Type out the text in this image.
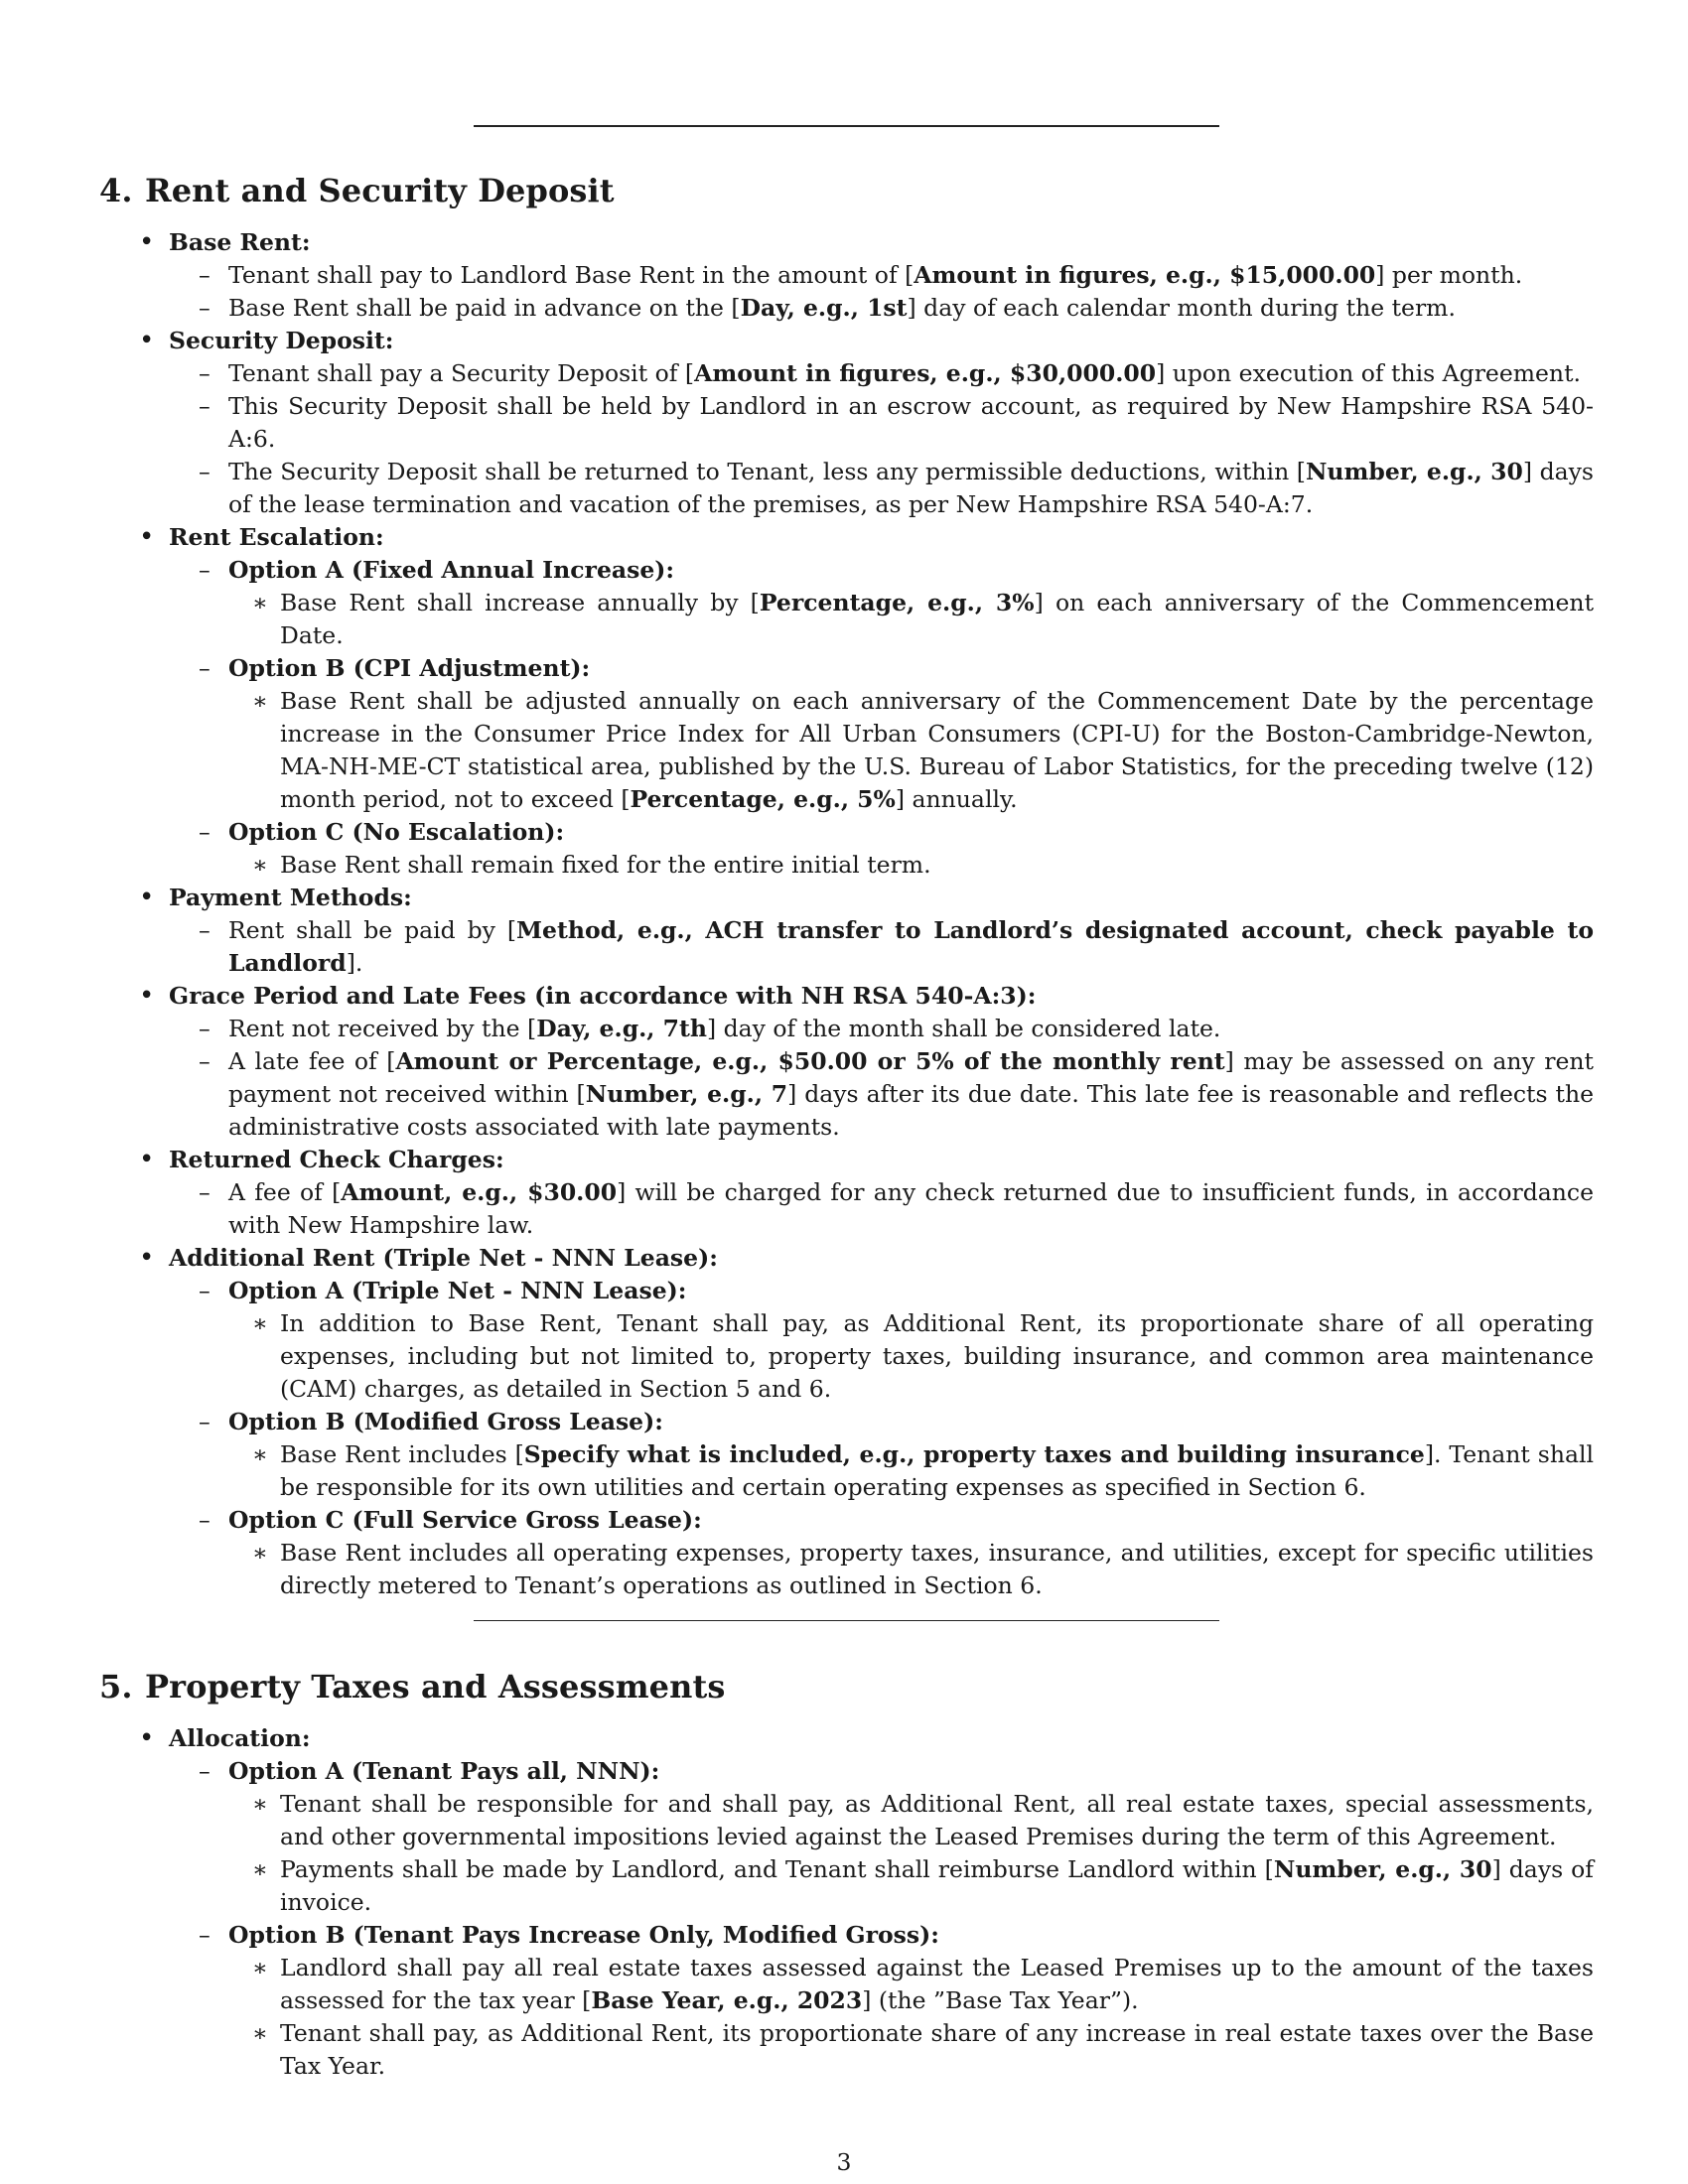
4. Rent and Security Deposit
• Base Rent:
– Tenant shall pay to Landlord Base Rent in the amount of [Amount in figures, e.g., $15,000.00] per month.
– Base Rent shall be paid in advance on the [Day, e.g., 1st] day of each calendar month during the term.
• Security Deposit:
– Tenant shall pay a Security Deposit of [Amount in figures, e.g., $30,000.00] upon execution of this Agreement.
– This Security Deposit shall be held by Landlord in an escrow account, as required by New Hampshire RSA 540-A:6.
– The Security Deposit shall be returned to Tenant, less any permissible deductions, within [Number, e.g., 30] days of the lease termination and vacation of the premises, as per New Hampshire RSA 540-A:7.
• Rent Escalation:
– Option A (Fixed Annual Increase):
∗ Base Rent shall increase annually by [Percentage, e.g., 3%] on each anniversary of the Commencement Date.
– Option B (CPI Adjustment):
∗ Base Rent shall be adjusted annually on each anniversary of the Commencement Date by the percentage increase in the Consumer Price Index for All Urban Consumers (CPI-U) for the Boston-Cambridge-Newton, MA-NH-ME-CT statistical area, published by the U.S. Bureau of Labor Statistics, for the preceding twelve (12) month period, not to exceed [Percentage, e.g., 5%] annually.
– Option C (No Escalation):
∗ Base Rent shall remain fixed for the entire initial term.
• Payment Methods:
– Rent shall be paid by [Method, e.g., ACH transfer to Landlord’s designated account, check payable to Landlord].
• Grace Period and Late Fees (in accordance with NH RSA 540-A:3):
– Rent not received by the [Day, e.g., 7th] day of the month shall be considered late.
– A late fee of [Amount or Percentage, e.g., $50.00 or 5% of the monthly rent] may be assessed on any rent payment not received within [Number, e.g., 7] days after its due date. This late fee is reasonable and reflects the administrative costs associated with late payments.
• Returned Check Charges:
– A fee of [Amount, e.g., $30.00] will be charged for any check returned due to insufficient funds, in accordance with New Hampshire law.
• Additional Rent (Triple Net - NNN Lease):
– Option A (Triple Net - NNN Lease):
∗ In addition to Base Rent, Tenant shall pay, as Additional Rent, its proportionate share of all operating expenses, including but not limited to, property taxes, building insurance, and common area maintenance (CAM) charges, as detailed in Section 5 and 6.
– Option B (Modified Gross Lease):
∗ Base Rent includes [Specify what is included, e.g., property taxes and building insurance]. Tenant shall be responsible for its own utilities and certain operating expenses as specified in Section 6.
– Option C (Full Service Gross Lease):
∗ Base Rent includes all operating expenses, property taxes, insurance, and utilities, except for specific utilities directly metered to Tenant’s operations as outlined in Section 6.
5. Property Taxes and Assessments
• Allocation:
– Option A (Tenant Pays all, NNN):
∗ Tenant shall be responsible for and shall pay, as Additional Rent, all real estate taxes, special assessments, and other governmental impositions levied against the Leased Premises during the term of this Agreement.
∗ Payments shall be made by Landlord, and Tenant shall reimburse Landlord within [Number, e.g., 30] days of invoice.
– Option B (Tenant Pays Increase Only, Modified Gross):
∗ Landlord shall pay all real estate taxes assessed against the Leased Premises up to the amount of the taxes assessed for the tax year [Base Year, e.g., 2023] (the ”Base Tax Year”).
∗ Tenant shall pay, as Additional Rent, its proportionate share of any increase in real estate taxes over the Base Tax Year.
3
